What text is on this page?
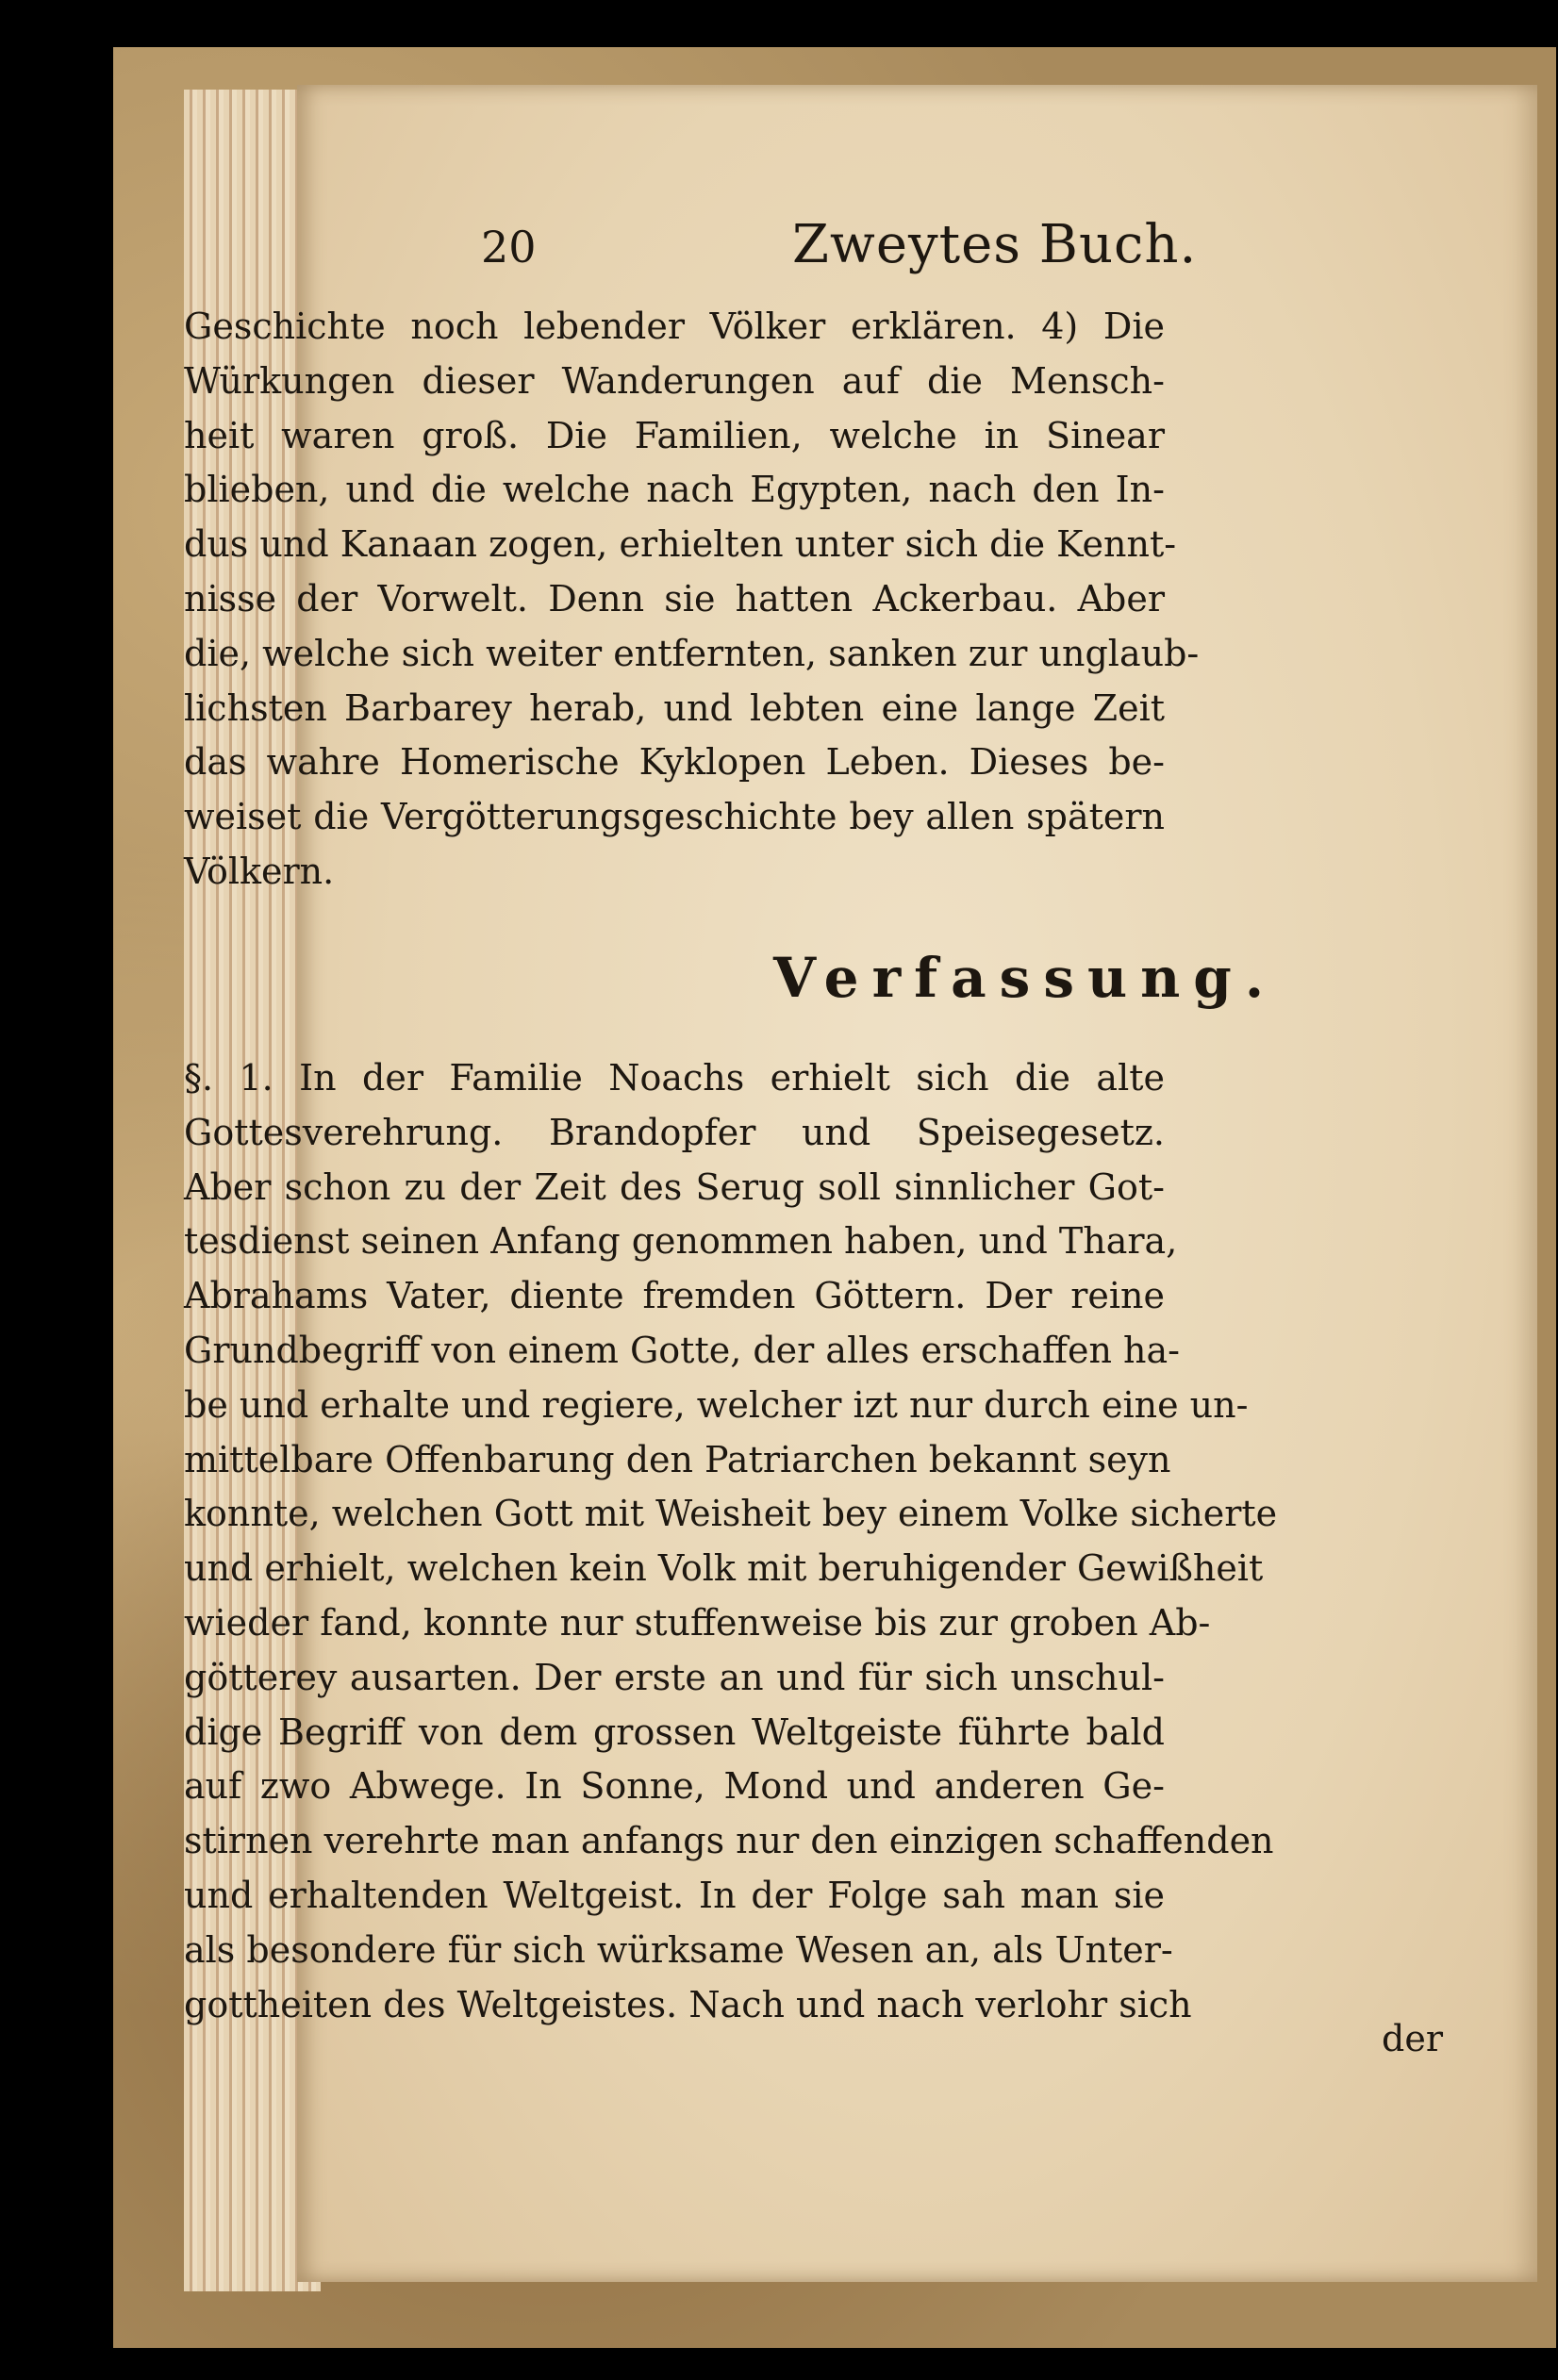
20	Zweytes Buch.
Geschichte noch lebender Völker erklären. 4) Die
Würkungen dieser Wanderungen auf die Mensch-
heit waren groß. Die Familien, welche in Sinear
blieben, und die welche nach Egypten, nach den In-
dus und Kanaan zogen, erhielten unter sich die Kennt-
nisse der Vorwelt. Denn sie hatten Ackerbau. Aber
die, welche sich weiter entfernten, sanken zur unglaub-
lichsten Barbarey herab, und lebten eine lange Zeit
das wahre Homerische Kyklopen Leben. Dieses be-
weiset die Vergötterungsgeschichte bey allen spätern
Völkern.
Verfassung.
§. 1. In der Familie Noachs erhielt sich die alte
Gottesverehrung. Brandopfer und Speisegesetz.
Aber schon zu der Zeit des Serug soll sinnlicher Got-
tesdienst seinen Anfang genommen haben, und Thara,
Abrahams Vater, diente fremden Göttern. Der reine
Grundbegriff von einem Gotte, der alles erschaffen ha-
be und erhalte und regiere, welcher izt nur durch eine un-
mittelbare Offenbarung den Patriarchen bekannt seyn
konnte, welchen Gott mit Weisheit bey einem Volke sicherte
und erhielt, welchen kein Volk mit beruhigender Gewißheit
wieder fand, konnte nur stuffenweise bis zur groben Ab-
götterey ausarten. Der erste an und für sich unschul-
dige Begriff von dem grossen Weltgeiste führte bald
auf zwo Abwege. In Sonne, Mond und anderen Ge-
stirnen verehrte man anfangs nur den einzigen schaffenden
und erhaltenden Weltgeist. In der Folge sah man sie
als besondere für sich würksame Wesen an, als Unter-
gottheiten des Weltgeistes. Nach und nach verlohr sich
der
